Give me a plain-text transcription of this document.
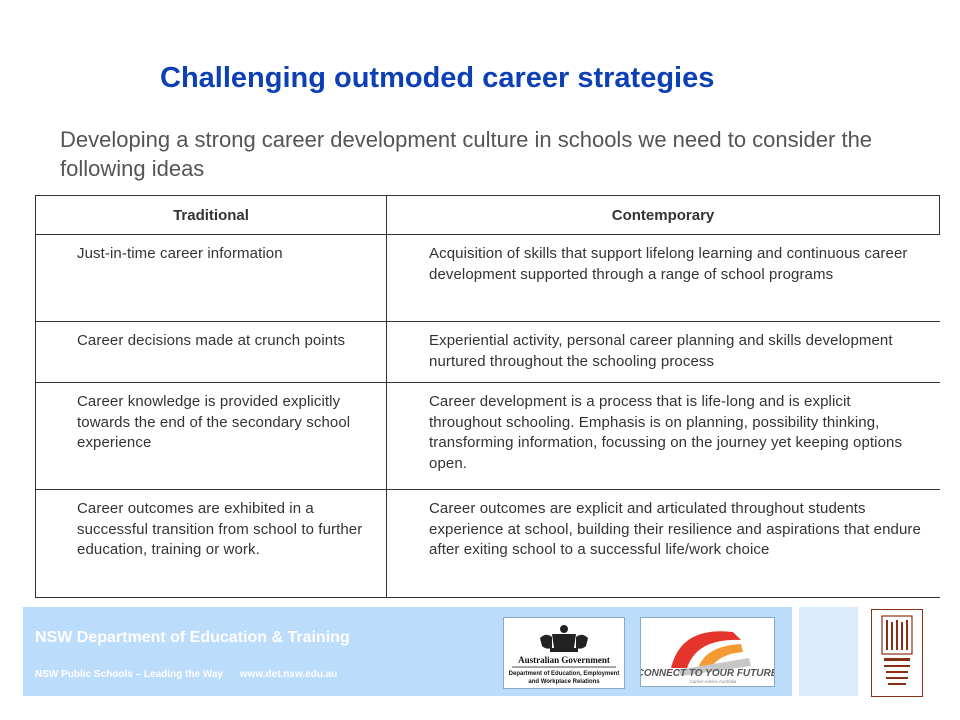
Challenging outmoded career strategies
Developing a strong career development culture in schools we need to consider the following ideas
Traditional	Contemporary
Just-in-time career information	Acquisition of skills that support lifelong learning and continuous career development supported through a range of school programs
Career decisions made at crunch points	Experiential activity, personal career planning and skills development nurtured throughout the schooling process
Career knowledge is provided explicitly towards the end of the secondary school experience	Career development is a process that is life-long and is explicit throughout schooling. Emphasis is on planning, possibility thinking, transforming information, focussing on the journey yet keeping options open.
Career outcomes are exhibited in a successful transition from school to further education, training or work.	Career outcomes are explicit and articulated throughout students experience at school, building their resilience and aspirations that endure after exiting school to a successful life/work choice
NSW Department of Education & Training
NSW Public Schools – Leading the Way www.det.nsw.edu.au
Australian Government
Department of Education, Employment
and Workplace Relations
CONNECT TO YOUR FUTURE
Career Advice Australia
